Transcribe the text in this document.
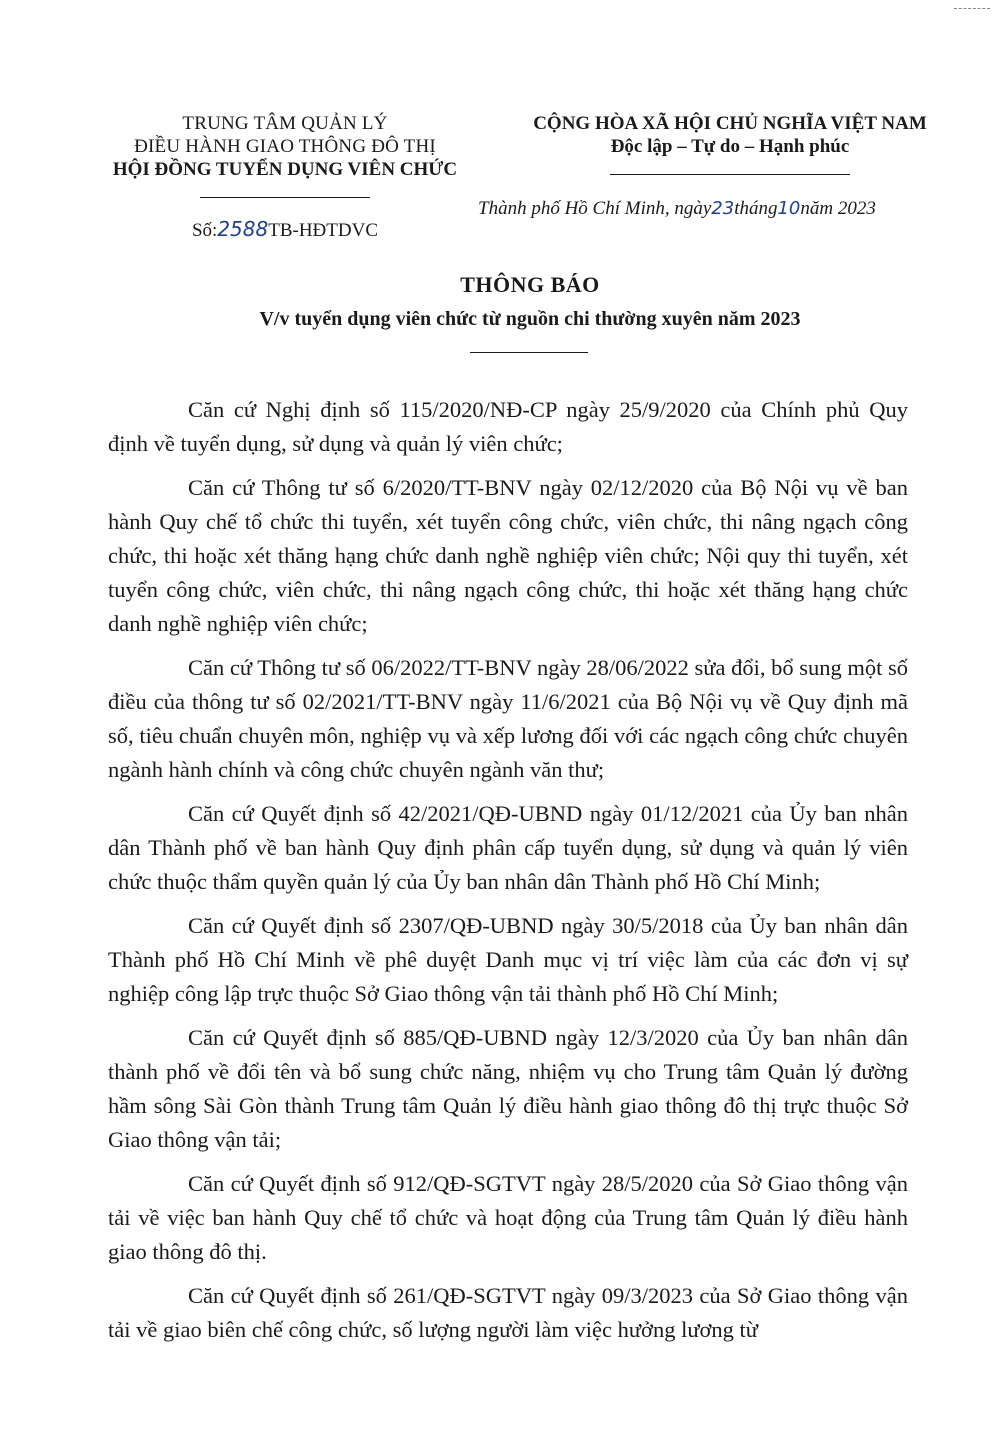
TRUNG TÂM QUẢN LÝ
ĐIỀU HÀNH GIAO THÔNG ĐÔ THỊ
HỘI ĐỒNG TUYỂN DỤNG VIÊN CHỨC
Số:2588TB-HĐTDVC
CỘNG HÒA XÃ HỘI CHỦ NGHĨA VIỆT NAM
Độc lập – Tự do – Hạnh phúc
Thành phố Hồ Chí Minh, ngày23tháng10năm 2023
THÔNG BÁO
V/v tuyển dụng viên chức từ nguồn chi thường xuyên năm 2023

Căn cứ Nghị định số 115/2020/NĐ-CP ngày 25/9/2020 của Chính phủ Quy định về tuyển dụng, sử dụng và quản lý viên chức;

Căn cứ Thông tư số 6/2020/TT-BNV ngày 02/12/2020 của Bộ Nội vụ về ban hành Quy chế tổ chức thi tuyển, xét tuyển công chức, viên chức, thi nâng ngạch công chức, thi hoặc xét thăng hạng chức danh nghề nghiệp viên chức; Nội quy thi tuyển, xét tuyển công chức, viên chức, thi nâng ngạch công chức, thi hoặc xét thăng hạng chức danh nghề nghiệp viên chức;

Căn cứ Thông tư số 06/2022/TT-BNV ngày 28/06/2022 sửa đổi, bổ sung một số điều của thông tư số 02/2021/TT-BNV ngày 11/6/2021 của Bộ Nội vụ về Quy định mã số, tiêu chuẩn chuyên môn, nghiệp vụ và xếp lương đối với các ngạch công chức chuyên ngành hành chính và công chức chuyên ngành văn thư;

Căn cứ Quyết định số 42/2021/QĐ-UBND ngày 01/12/2021 của Ủy ban nhân dân Thành phố về ban hành Quy định phân cấp tuyển dụng, sử dụng và quản lý viên chức thuộc thẩm quyền quản lý của Ủy ban nhân dân Thành phố Hồ Chí Minh;

Căn cứ Quyết định số 2307/QĐ-UBND ngày 30/5/2018 của Ủy ban nhân dân Thành phố Hồ Chí Minh về phê duyệt Danh mục vị trí việc làm của các đơn vị sự nghiệp công lập trực thuộc Sở Giao thông vận tải thành phố Hồ Chí Minh;

Căn cứ Quyết định số 885/QĐ-UBND ngày 12/3/2020 của Ủy ban nhân dân thành phố về đổi tên và bổ sung chức năng, nhiệm vụ cho Trung tâm Quản lý đường hầm sông Sài Gòn thành Trung tâm Quản lý điều hành giao thông đô thị trực thuộc Sở Giao thông vận tải;

Căn cứ Quyết định số 912/QĐ-SGTVT ngày 28/5/2020 của Sở Giao thông vận tải về việc ban hành Quy chế tổ chức và hoạt động của Trung tâm Quản lý điều hành giao thông đô thị.

Căn cứ Quyết định số 261/QĐ-SGTVT ngày 09/3/2023 của Sở Giao thông vận tải về giao biên chế công chức, số lượng người làm việc hưởng lương từ
